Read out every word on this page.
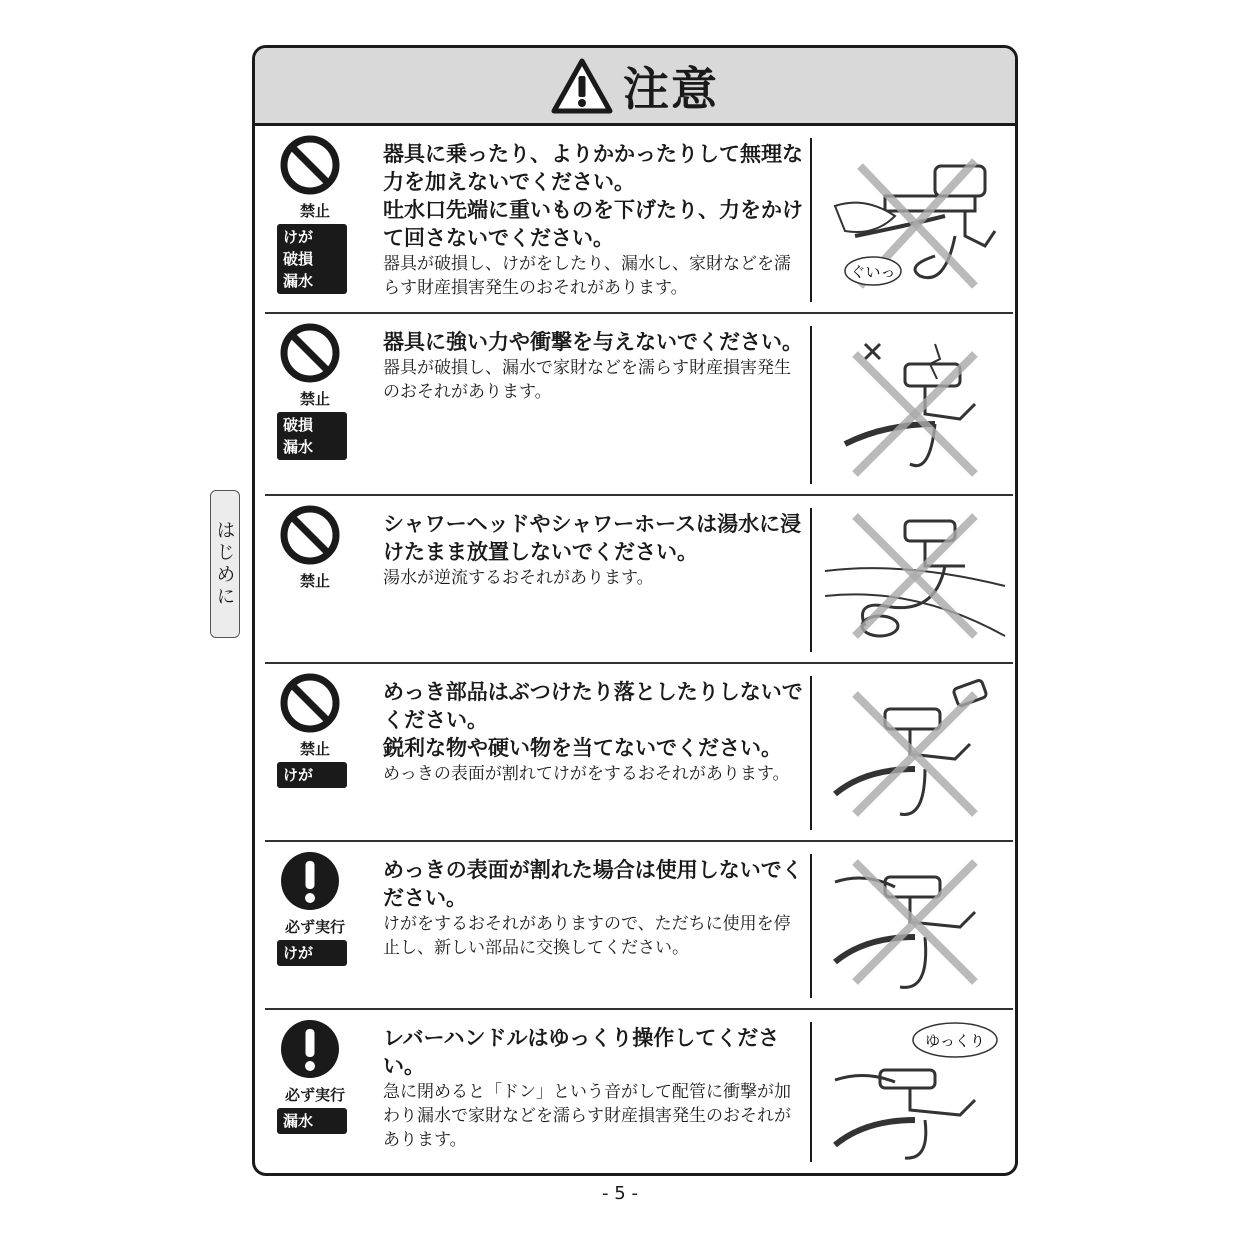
注意
禁止
けが
破損
漏水

器具に乗ったり、よりかかったりして無理な力を加えないでください。

吐水口先端に重いものを下げたり、力をかけて回さないでください。

器具が破損し、けがをしたり、漏水し、家財などを濡らす財産損害発生のおそれがあります。

ぐいっ
禁止
破損
漏水

器具に強い力や衝撃を与えないでください。

器具が破損し、漏水で家財などを濡らす財産損害発生のおそれがあります。

禁止

シャワーヘッドやシャワーホースは湯水に浸けたまま放置しないでください。

湯水が逆流するおそれがあります。

禁止
けが

めっき部品はぶつけたり落としたりしないでください。

鋭利な物や硬い物を当てないでください。

めっきの表面が割れてけがをするおそれがあります。

必ず実行
けが

めっきの表面が割れた場合は使用しないでください。

けがをするおそれがありますので、ただちに使用を停止し、新しい部品に交換してください。

必ず実行
漏水

レバーハンドルはゆっくり操作してください。

急に閉めると「ドン」という音がして配管に衝撃が加わり漏水で家財などを濡らす財産損害発生のおそれがあります。

ゆっくり
はじめに
- 5 -
